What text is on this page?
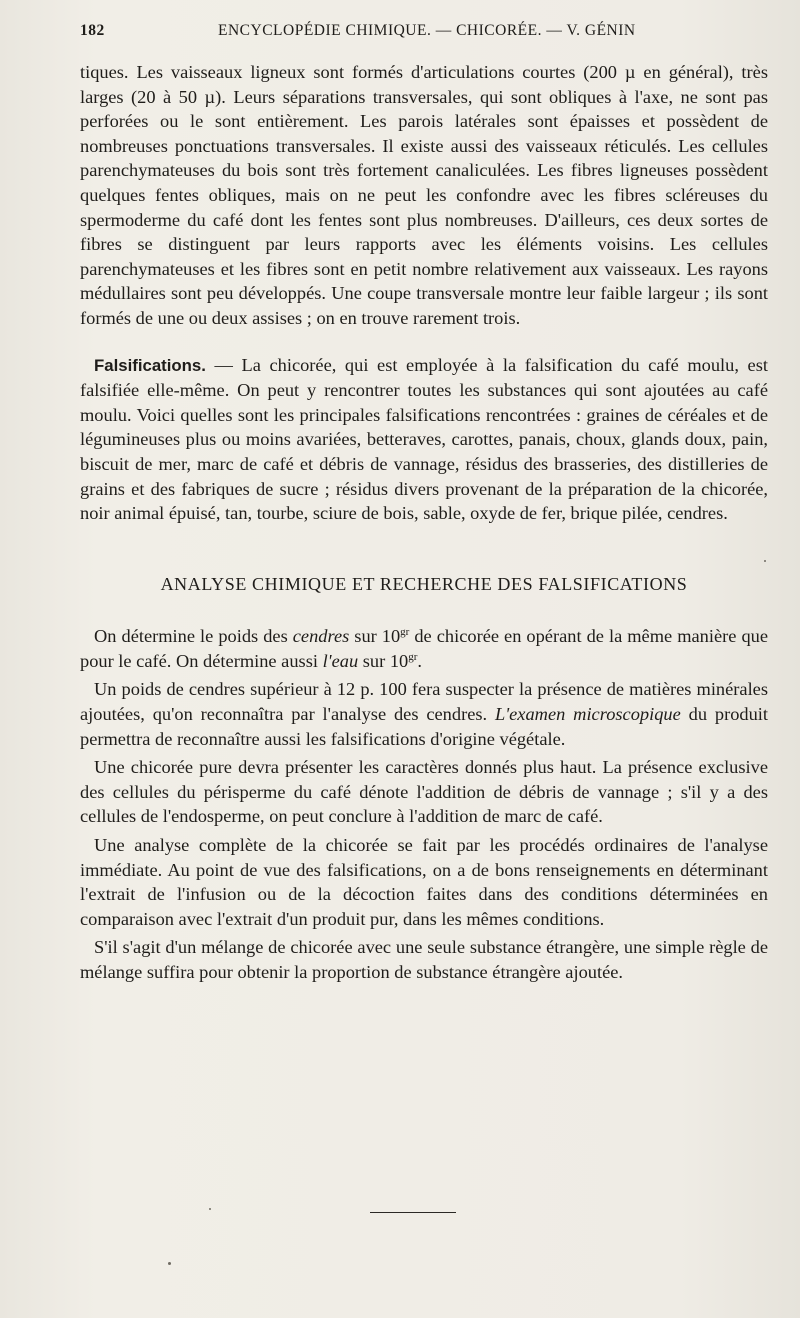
182	ENCYCLOPÉDIE CHIMIQUE. — CHICORÉE. — V. GÉNIN

tiques. Les vaisseaux ligneux sont formés d'articulations courtes (200 µ en général), très larges (20 à 50 µ). Leurs séparations transversales, qui sont obliques à l'axe, ne sont pas perforées ou le sont entièrement. Les parois latérales sont épaisses et possèdent de nombreuses ponctuations transversales. Il existe aussi des vaisseaux réticulés. Les cellules parenchymateuses du bois sont très fortement canaliculées. Les fibres ligneuses possèdent quelques fentes obliques, mais on ne peut les confondre avec les fibres scléreuses du spermoderme du café dont les fentes sont plus nombreuses. D'ailleurs, ces deux sortes de fibres se distinguent par leurs rapports avec les éléments voisins. Les cellules parenchymateuses et les fibres sont en petit nombre relativement aux vaisseaux. Les rayons médullaires sont peu développés. Une coupe transversale montre leur faible largeur ; ils sont formés de une ou deux assises ; on en trouve rarement trois.

Falsifications. — La chicorée, qui est employée à la falsification du café moulu, est falsifiée elle-même. On peut y rencontrer toutes les substances qui sont ajoutées au café moulu. Voici quelles sont les principales falsifications rencontrées : graines de céréales et de légumineuses plus ou moins avariées, betteraves, carottes, panais, choux, glands doux, pain, biscuit de mer, marc de café et débris de vannage, résidus des brasseries, des distilleries de grains et des fabriques de sucre ; résidus divers provenant de la préparation de la chicorée, noir animal épuisé, tan, tourbe, sciure de bois, sable, oxyde de fer, brique pilée, cendres.

ANALYSE CHIMIQUE ET RECHERCHE DES FALSIFICATIONS

On détermine le poids des cendres sur $10^{gr}$ de chicorée en opérant de la même manière que pour le café. On détermine aussi l'eau sur $10^{gr}$.

Un poids de cendres supérieur à 12 p. 100 fera suspecter la présence de matières minérales ajoutées, qu'on reconnaîtra par l'analyse des cendres. L'examen microscopique du produit permettra de reconnaître aussi les falsifications d'origine végétale.

Une chicorée pure devra présenter les caractères donnés plus haut. La présence exclusive des cellules du périsperme du café dénote l'addition de débris de vannage ; s'il y a des cellules de l'endosperme, on peut conclure à l'addition de marc de café.

Une analyse complète de la chicorée se fait par les procédés ordinaires de l'analyse immédiate. Au point de vue des falsifications, on a de bons renseignements en déterminant l'extrait de l'infusion ou de la décoction faites dans des conditions déterminées en comparaison avec l'extrait d'un produit pur, dans les mêmes conditions.

S'il s'agit d'un mélange de chicorée avec une seule substance étrangère, une simple règle de mélange suffira pour obtenir la proportion de substance étrangère ajoutée.
